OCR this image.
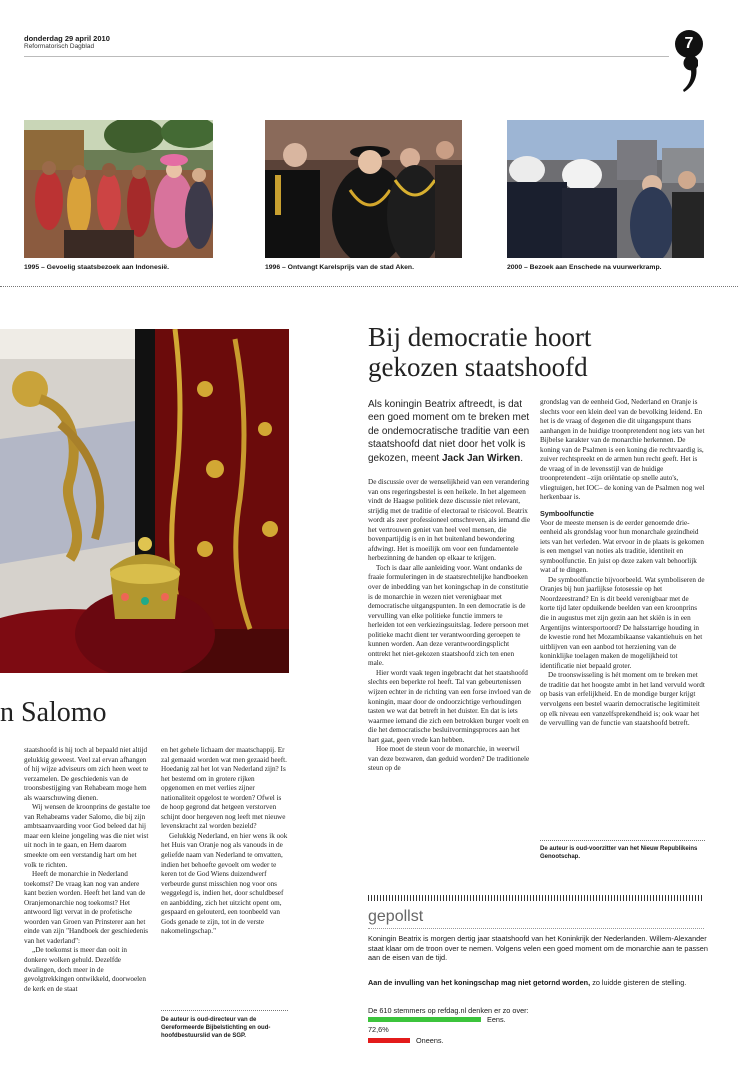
donderdag 29 april 2010
Reformatorisch Dagblad	7
1995 – Gevoelig staatsbezoek aan Indonesië.	1996 – Ontvangt Karelsprijs van de stad Aken.	2000 – Bezoek aan Enschede na vuurwerkramp.
Bij democratie hoort
gekozen staatshoofd
Als koningin Beatrix aftreedt, is dat een goed moment om te breken met de ondemocratische traditie van een staatshoofd dat niet door het volk is gekozen, meent Jack Jan Wirken.

De discussie over de wenselijkheid van een verandering van ons regeringsbestel is een heikele. In het algemeen vindt de Haagse politiek deze discussie niet relevant, strijdig met de traditie of electoraal te risicovol. Beatrix wordt als zeer professioneel omschreven, als iemand die het vertrouwen geniet van heel veel mensen, die bovenpartijdig is en in het buitenland bewondering afdwingt. Het is moeilijk om voor een fundamentele herbezinning de handen op elkaar te krijgen.

Toch is daar alle aanleiding voor. Want ondanks de fraaie formuleringen in de staatsrechtelijke handboeken over de inbedding van het koningschap in de constitutie is de monarchie in wezen niet verenigbaar met democratische uitgangspunten. In een democratie is de vervulling van elke politieke functie immers te herleiden tot een verkiezingsuitslag. Iedere persoon met politieke macht dient ter verantwoording geroepen te kunnen worden. Aan deze verantwoordingsplicht onttrekt het niet-gekozen staatshoofd zich ten enen male.

Hier wordt vaak tegen ingebracht dat het staatshoofd slechts een beperkte rol heeft. Tal van gebeurtenissen wijzen echter in de richting van een forse invloed van de koningin, maar door de ondoorzichtige verhoudingen tasten we wat dat betreft in het duister. En dat is iets waarmee iemand die zich een betrokken burger voelt en die het democratische besluitvormingsproces aan het hart gaat, geen vrede kan hebben.

Hoe moet de steun voor de monarchie, in weerwil van deze bezwaren, dan geduid worden? De traditionele steun op de

grondslag van de eenheid God, Nederland en Oranje is slechts voor een klein deel van de bevolking leidend. En het is de vraag of degenen die dit uitgangspunt thans aanhangen in de huidige troonpretendent nog iets van het Bijbelse karakter van de monarchie herkennen. De koning van de Psalmen is een koning die rechtvaardig is, zuiver rechtspreekt en de armen hun recht geeft. Het is de vraag of in de levensstijl van de huidige troonpretendent –zijn oriëntatie op snelle auto's, vliegtuigen, het IOC– de koning van de Psalmen nog wel herkenbaar is.

Symboolfunctie

Voor de meeste mensen is de eerder genoemde drie-eenheid als grondslag voor hun monarchale gezindheid iets van het verleden. Wat ervoor in de plaats is gekomen is een mengsel van noties als traditie, identiteit en symboolfunctie. En juist op deze zaken valt behoorlijk wat af te dingen.

De symboolfunctie bijvoorbeeld. Wat symboliseren de Oranjes bij hun jaarlijkse fotosessie op het Noordzeestrand? En is dit beeld verenigbaar met de korte tijd later opduikende beelden van een kroonprins die in augustus met zijn gezin aan het skiën is in een Argentijns wintersportoord? De halsstarrige houding in de kwestie rond het Mozambikaanse vakantiehuis en het uitblijven van een aanbod tot herziening van de koninklijke toelagen maken de mogelijkheid tot identificatie niet bepaald groter.

De troonswisseling is hét moment om te breken met de traditie dat het hoogste ambt in het land vervuld wordt op basis van erfelijkheid. En de mondige burger krijgt vervolgens een bestel waarin democratische legitimiteit op elk niveau een vanzelfsprekendheid is; ook waar het de vervulling van de functie van staatshoofd betreft.

De auteur is oud-voorzitter van het Nieuw Republikeins Genootschap.
n Salomo

staatshoofd is hij toch al bepaald niet altijd gelukkig geweest. Veel zal ervan afhangen of hij wijze adviseurs om zich heen weet te verzamelen. De geschiedenis van de troonsbestijging van Rehabeam moge hem als waarschuwing dienen.

Wij wensen de kroonprins de gestalte toe van Rehabeams vader Salomo, die bij zijn ambtsaanvaarding voor God beleed dat hij maar een kleine jongeling was die niet wist uit noch in te gaan, en Hem daarom smeekte om een verstandig hart om het volk te richten.

Heeft de monarchie in Nederland toekomst? De vraag kan nog van andere kant bezien worden. Heeft het land van de Oranjemonarchie nog toekomst? Het antwoord ligt vervat in de profetische woorden van Groen van Prinsterer aan het einde van zijn "Handboek der geschiedenis van het vaderland":

„De toekomst is meer dan ooit in donkere wolken gehuld. Dezelfde dwalingen, doch meer in de gevolgtrekkingen ontwikkeld, doorwoelen de kerk en de staat

en het gehele lichaam der maatschappij. Er zal gemaaid worden wat men gezaaid heeft. Hoedanig zal het lot van Nederland zijn? Is het bestemd om in grotere rijken opgenomen en met verlies zijner nationaliteit opgelost te worden? Ofwel is de hoop gegrond dat hetgeen verstorven schijnt door hergeven nog leeft met nieuwe levenskracht zal worden bezield?

Gelukkig Nederland, en hier wens ik ook het Huis van Oranje nog als vanouds in de geliefde naam van Nederland te omvatten, indien het behoefte gevoelt om weder te keren tot de God Wiens duizendwerf verbeurde gunst misschien nog voor ons weggelegd is, indien het, door schuldbesef en aanbidding, zich het uitzicht opent om, gespaard en gelouterd, een toonbeeld van Gods genade te zijn, tot in de verste nakomelingschap."

De auteur is oud-directeur van de Gereformeerde Bijbelstichting en oud-hoofdbestuurslid van de SGP.
gepollst
Koningin Beatrix is morgen dertig jaar staatshoofd van het Koninkrijk der Nederlanden. Willem-Alexander staat klaar om de troon over te nemen. Volgens velen een goed moment om de monarchie aan te passen aan de eisen van de tijd.
Aan de invulling van het koningschap mag niet getornd worden, zo luidde gisteren de stelling.
De 610 stemmers op refdag.nl denken er zo over:
Eens.
72,6%
Oneens.
